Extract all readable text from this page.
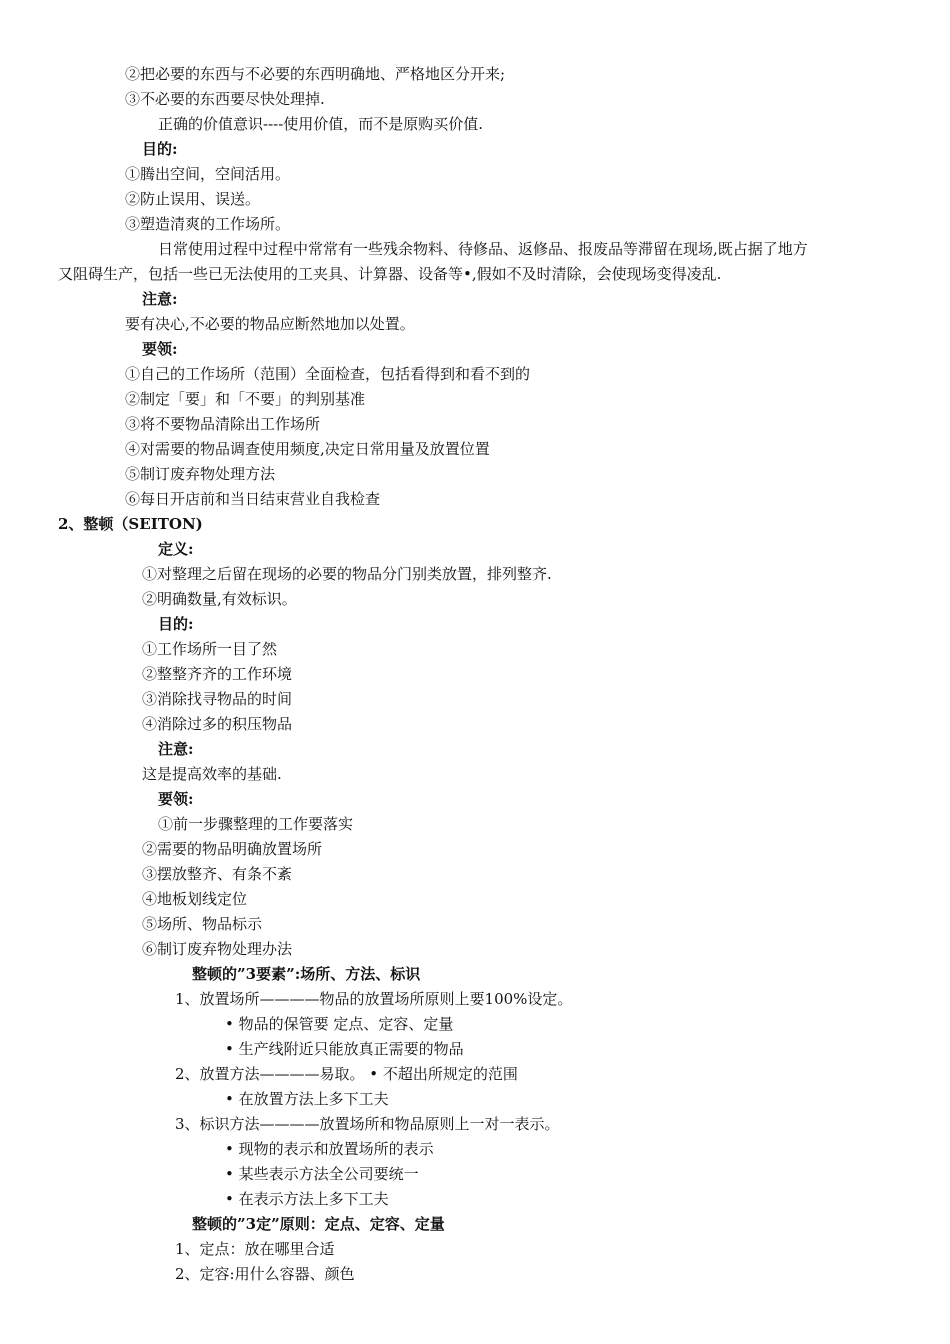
②把必要的东西与不必要的东西明确地、严格地区分开来;
③不必要的东西要尽快处理掉.
正确的价值意识----使用价值，而不是原购买价值.
目的:
①腾出空间，空间活用。
②防止误用、误送。
③塑造清爽的工作场所。
日常使用过程中过程中常常有一些残余物料、待修品、返修品、报废品等滞留在现场,既占据了地方
又阻碍生产，包括一些已无法使用的工夹具、计算器、设备等•,假如不及时清除，会使现场变得凌乱.
注意:
要有决心,不必要的物品应断然地加以处置。
要领:
①自己的工作场所（范围）全面检查，包括看得到和看不到的
②制定「要」和「不要」的判别基准
③将不要物品清除出工作场所
④对需要的物品调查使用频度,决定日常用量及放置位置
⑤制订废弃物处理方法
⑥每日开店前和当日结束营业自我检查
2、整顿（SEITON)
定义:
①对整理之后留在现场的必要的物品分门别类放置，排列整齐.
②明确数量,有效标识。
目的:
①工作场所一目了然
②整整齐齐的工作环境
③消除找寻物品的时间
④消除过多的积压物品
注意:
这是提高效率的基础.
要领:
①前一步骤整理的工作要落实
②需要的物品明确放置场所
③摆放整齐、有条不紊
④地板划线定位
⑤场所、物品标示
⑥制订废弃物处理办法
整顿的”3要素”:场所、方法、标识
1、放置场所————物品的放置场所原则上要100%设定。
• 物品的保管要 定点、定容、定量
• 生产线附近只能放真正需要的物品
2、放置方法————易取。 • 不超出所规定的范围
• 在放置方法上多下工夫
3、标识方法————放置场所和物品原则上一对一表示。
• 现物的表示和放置场所的表示
• 某些表示方法全公司要统一
• 在表示方法上多下工夫
整顿的”3定”原则：定点、定容、定量
1、定点：放在哪里合适
2、定容:用什么容器、颜色
